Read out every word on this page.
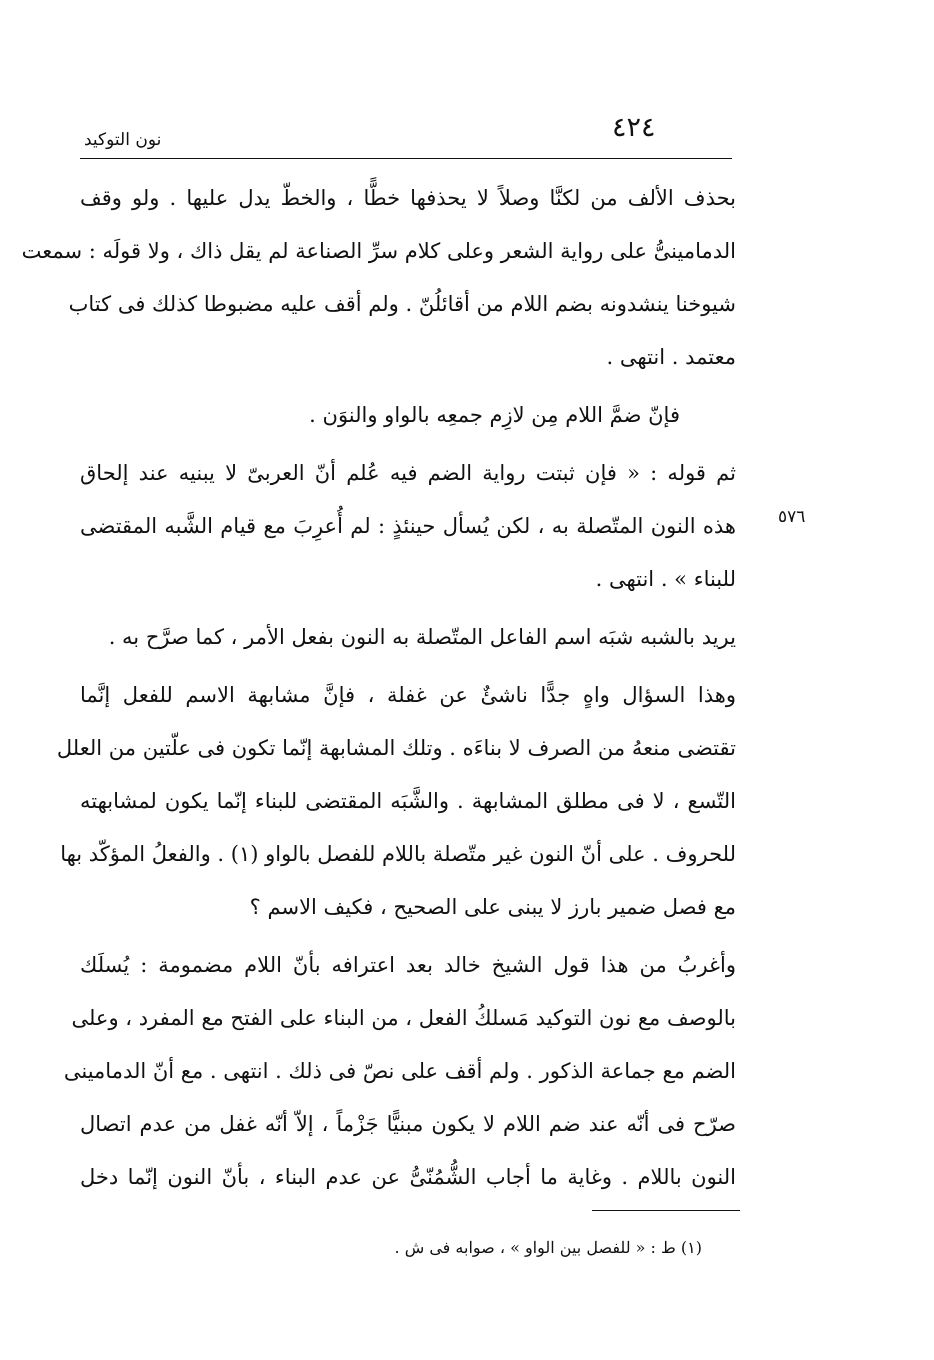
٤٢٤
نون التوكيد
٥٧٦
بحذف الألف من لكنَّا وصلاً لا يحذفها خطًّا ، والخطّ يدل عليها . ولو وقف
الدمامينىُّ على رواية الشعر وعلى كلام سرِّ الصناعة لم يقل ذاك ، ولا قولَه : سمعت
شيوخنا ينشدونه بضم اللام من أقائلُنّ . ولم أقف عليه مضبوطا كذلك فى كتاب
معتمد . انتهى .
فإنّ ضمَّ اللام مِن لازِم جمعِه بالواو والنوَن .
ثم قوله : « فإن ثبتت رواية الضم فيه عُلم أنّ العربىّ لا يبنيه عند إلحاق
هذه النون المتّصلة به ، لكن يُسأل حينئذٍ : لم أُعرِبَ مع قيام الشَّبه المقتضى
للبناء » . انتهى .
يريد بالشبه شبَه اسم الفاعل المتّصلة به النون بفعل الأمر ، كما صرَّح به .
وهذا السؤال واهٍ جدًّا ناشئٌ عن غفلة ، فإنَّ مشابهة الاسم للفعل إنَّما
تقتضى منعهُ من الصرف لا بناءَه . وتلك المشابهة إنّما تكون فى علّتين من العلل
التّسع ، لا فى مطلق المشابهة . والشَّبَه المقتضى للبناء إنّما يكون لمشابهته
للحروف . على أنّ النون غير متّصلة باللام للفصل بالواو (١) . والفعلُ المؤكّد بها
مع فصل ضمير بارز لا يبنى على الصحيح ، فكيف الاسم ؟
وأغربُ من هذا قول الشيخ خالد بعد اعترافه بأنّ اللام مضمومة : يُسلَك
بالوصف مع نون التوكيد مَسلكُ الفعل ، من البناء على الفتح مع المفرد ، وعلى
الضم مع جماعة الذكور . ولم أقف على نصّ فى ذلك . انتهى . مع أنّ الدمامينى
صرّح فى أنّه عند ضم اللام لا يكون مبنيًّا جَزْماً ، إلاّ أنّه غفل من عدم اتصال
النون باللام . وغاية ما أجاب الشُّمُنّىُّ عن عدم البناء ، بأنّ النون إنّما دخل
(١) ط : « للفصل بين الواو » ، صوابه فى ش .
